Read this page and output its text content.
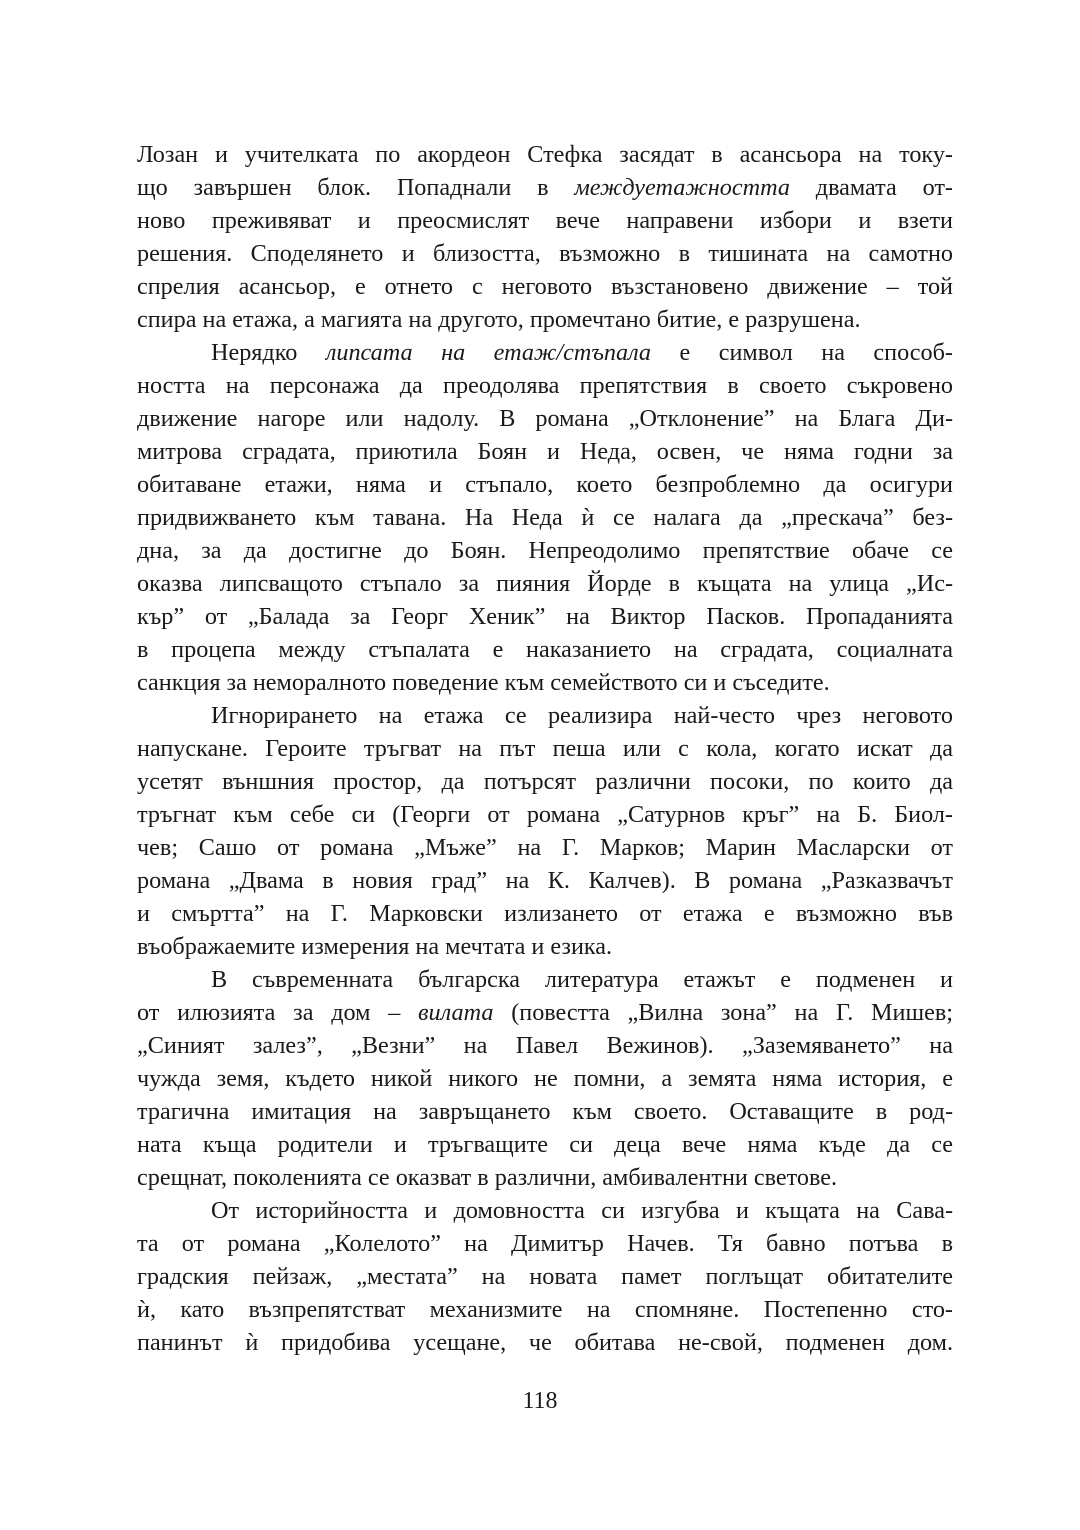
Лозан и учителката по акордеон Стефка засядат в асансьора на току-
що завършен блок. Попаднали в междуетажността двамата от-
ново преживяват и преосмислят вече направени избори и взети
решения. Споделянето и близостта, възможно в тишината на самотно
спрелия асансьор, е отнето с неговото възстановено движение – той
спира на етажа, а магията на другото, промечтано битие, е разрушена.
Нерядко липсата на етаж/стъпала е символ на способ-
ността на персонажа да преодолява препятствия в своето съкровено
движение нагоре или надолу. В романа „Отклонение” на Блага Ди-
митрова сградата, приютила Боян и Неда, освен, че няма годни за
обитаване етажи, няма и стъпало, което безпроблемно да осигури
придвижването към тавана. На Неда ѝ се налага да „прескача” без-
дна, за да достигне до Боян. Непреодолимо препятствие обаче се
оказва липсващото стъпало за пияния Йорде в къщата на улица „Ис-
кър” от „Балада за Георг Хеник” на Виктор Пасков. Пропаданията
в процепа между стъпалата е наказанието на сградата, социалната
санкция за неморалното поведение към семейството си и съседите.
Игнорирането на етажа се реализира най-често чрез неговото
напускане. Героите тръгват на път пеша или с кола, когато искат да
усетят външния простор, да потърсят различни посоки, по които да
тръгнат към себе си (Георги от романа „Сатурнов кръг” на Б. Биол-
чев; Сашо от романа „Мъже” на Г. Марков; Марин Масларски от
романа „Двама в новия град” на К. Калчев). В романа „Разказвачът
и смъртта” на Г. Марковски излизането от етажа е възможно във
въображаемите измерения на мечтата и езика.
В съвременната българска литература етажът е подменен и
от илюзията за дом – вилата (повестта „Вилна зона” на Г. Мишев;
„Синият залез”, „Везни” на Павел Вежинов). „Заземяването” на
чужда земя, където никой никого не помни, а земята няма история, е
трагична имитация на завръщането към своето. Оставащите в род-
ната къща родители и тръгващите си деца вече няма къде да се
срещнат, поколенията се оказват в различни, амбивалентни светове.
От историйността и домовността си изгубва и къщата на Сава-
та от романа „Колелото” на Димитър Начев. Тя бавно потъва в
градския пейзаж, „местата” на новата памет поглъщат обитателите
ѝ, като възпрепятстват механизмите на спомняне. Постепенно сто-
панинът ѝ придобива усещане, че обитава не-свой, подменен дом.
118
